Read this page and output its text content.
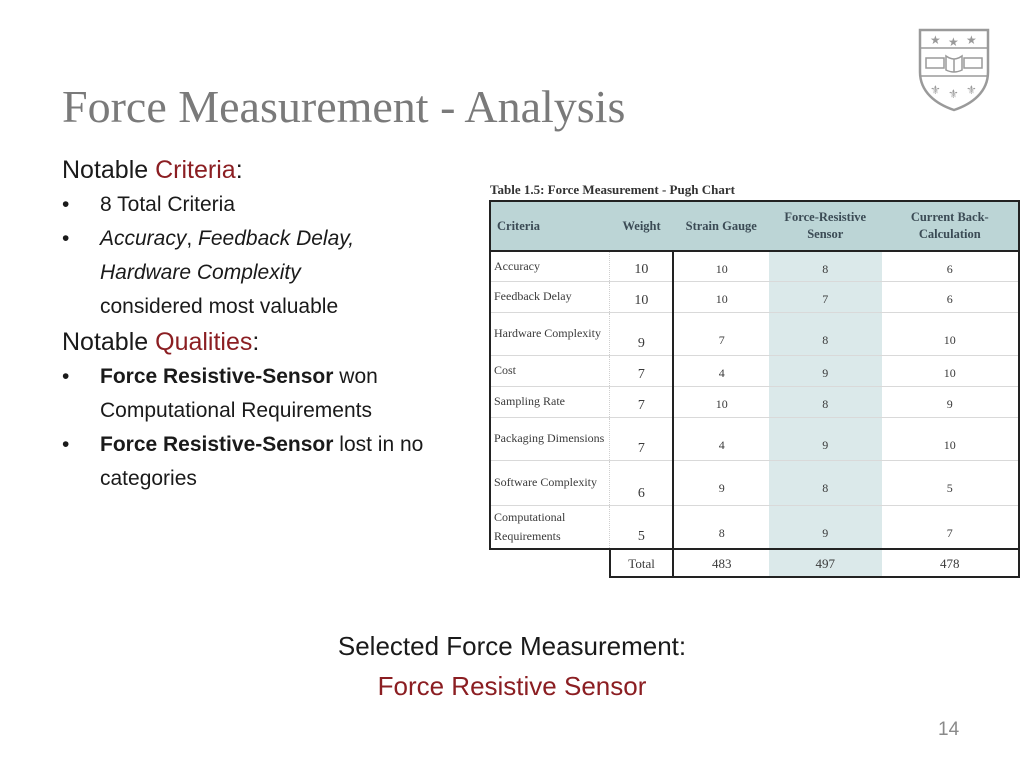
Force Measurement - Analysis
★ ★ ★
⚜ ⚜ ⚜
Notable Criteria:
• 8 Total Criteria
• Accuracy, Feedback Delay,
Hardware Complexity
considered most valuable
Notable Qualities:
• Force Resistive-Sensor won Computational Requirements
• Force Resistive-Sensor lost in no categories
Table 1.5: Force Measurement - Pugh Chart
Criteria	Weight	Strain Gauge	Force-Resistive Sensor	Current Back-Calculation
Accuracy	10	10	8	6
Feedback Delay	10	10	7	6
Hardware Complexity	9	7	8	10
Cost	7	4	9	10
Sampling Rate	7	10	8	9
Packaging Dimensions	7	4	9	10
Software Complexity	6	9	8	5
Computational Requirements	5	8	9	7
	Total	483	497	478
Selected Force Measurement:
Force Resistive Sensor
14
